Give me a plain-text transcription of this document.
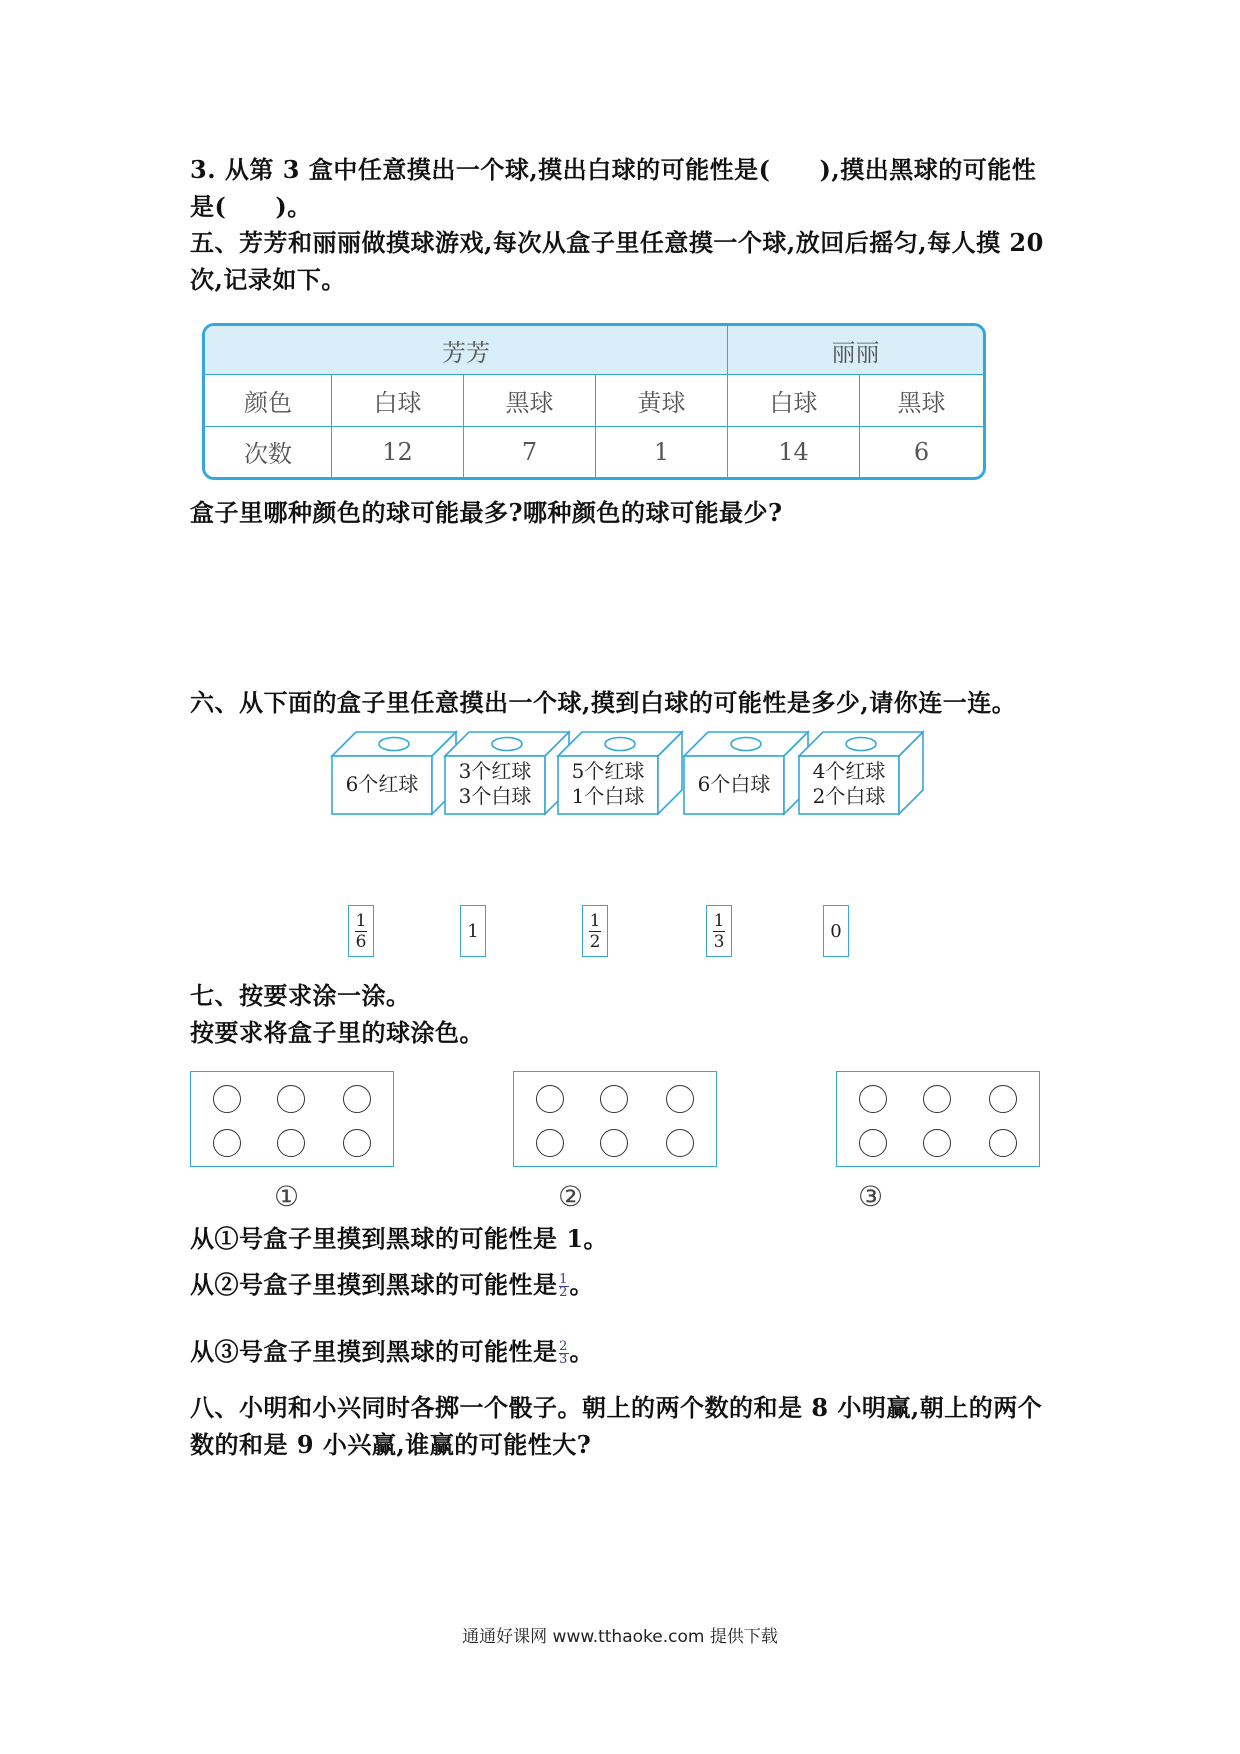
3. 从第 3 盒中任意摸出一个球,摸出白球的可能性是(　　),摸出黑球的可能性

是(　　)。

五、芳芳和丽丽做摸球游戏,每次从盒子里任意摸一个球,放回后摇匀,每人摸 20

次,记录如下。

芳芳				丽丽	
颜色	白球	黑球	黄球	白球	黑球
次数	12	7	1	14	6

盒子里哪种颜色的球可能最多?哪种颜色的球可能最少?

六、从下面的盒子里任意摸出一个球,摸到白球的可能性是多少,请你连一连。

6个红球
3个红球
3个白球
5个红球
1个白球
6个白球
4个红球
2个白球
$\frac{1}{6}$	1	$\frac{1}{2}$	$\frac{1}{3}$	0

七、按要求涂一涂。

按要求将盒子里的球涂色。

①	②	③

从①号盒子里摸到黑球的可能性是 1。

从②号盒子里摸到黑球的可能性是 $\frac{1}{2}$ 。

从③号盒子里摸到黑球的可能性是 $\frac{2}{3}$ 。

八、小明和小兴同时各掷一个骰子。朝上的两个数的和是 8 小明赢,朝上的两个

数的和是 9 小兴赢,谁赢的可能性大?

通通好课网 www.tthaoke.com 提供下载
